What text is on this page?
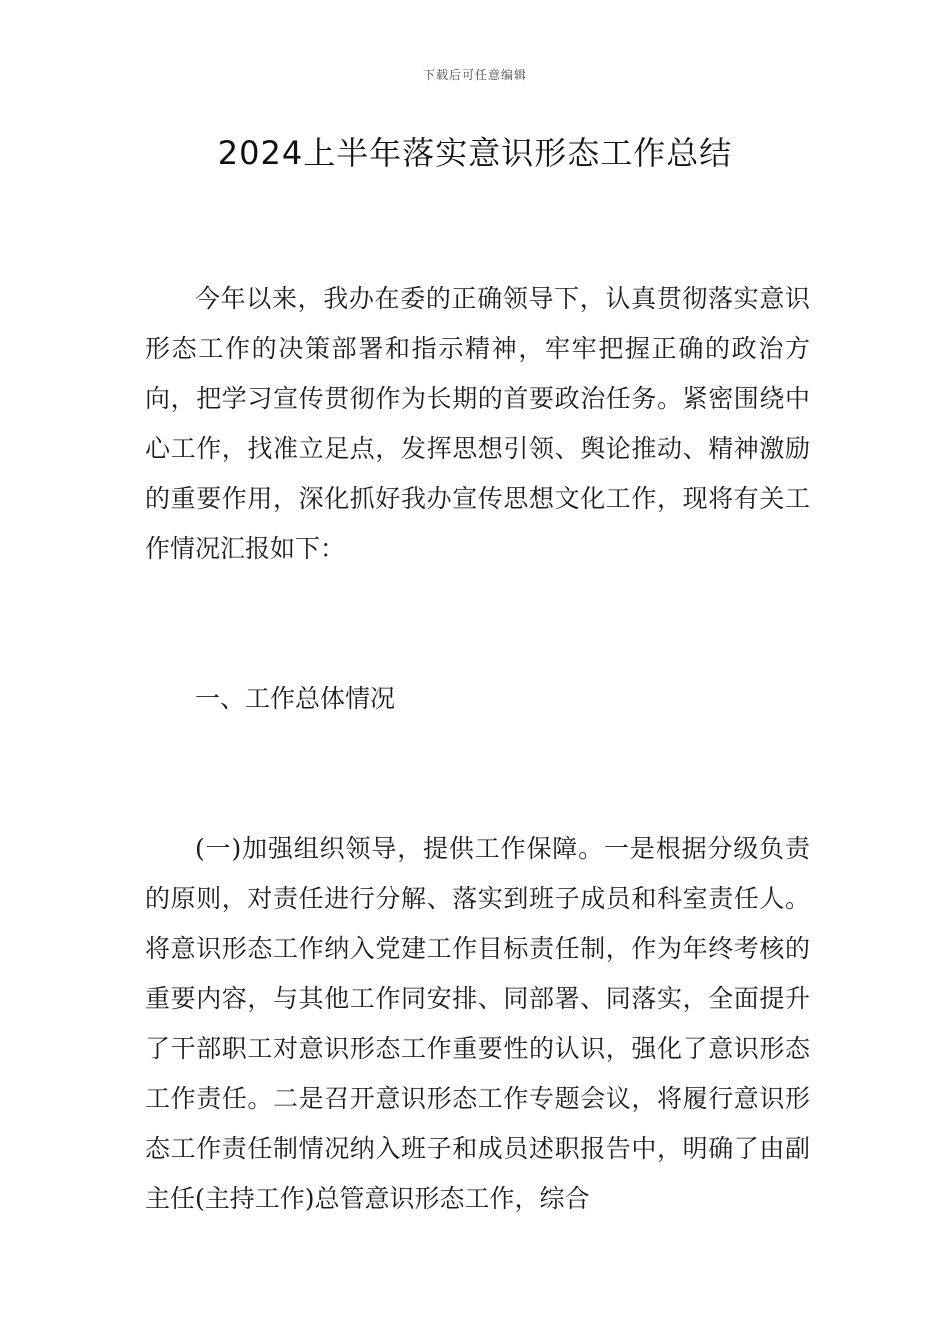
下载后可任意编辑
2024上半年落实意识形态工作总结

今年以来，我办在委的正确领导下，认真贯彻落实意识形态工作的决策部署和指示精神，牢牢把握正确的政治方向，把学习宣传贯彻作为长期的首要政治任务。紧密围绕中心工作，找准立足点，发挥思想引领、舆论推动、精神激励的重要作用，深化抓好我办宣传思想文化工作，现将有关工作情况汇报如下：

一、工作总体情况

(一)加强组织领导，提供工作保障。一是根据分级负责的原则，对责任进行分解、落实到班子成员和科室责任人。将意识形态工作纳入党建工作目标责任制，作为年终考核的重要内容，与其他工作同安排、同部署、同落实，全面提升了干部职工对意识形态工作重要性的认识，强化了意识形态工作责任。二是召开意识形态工作专题会议，将履行意识形态工作责任制情况纳入班子和成员述职报告中，明确了由副主任(主持工作)总管意识形态工作，综合
